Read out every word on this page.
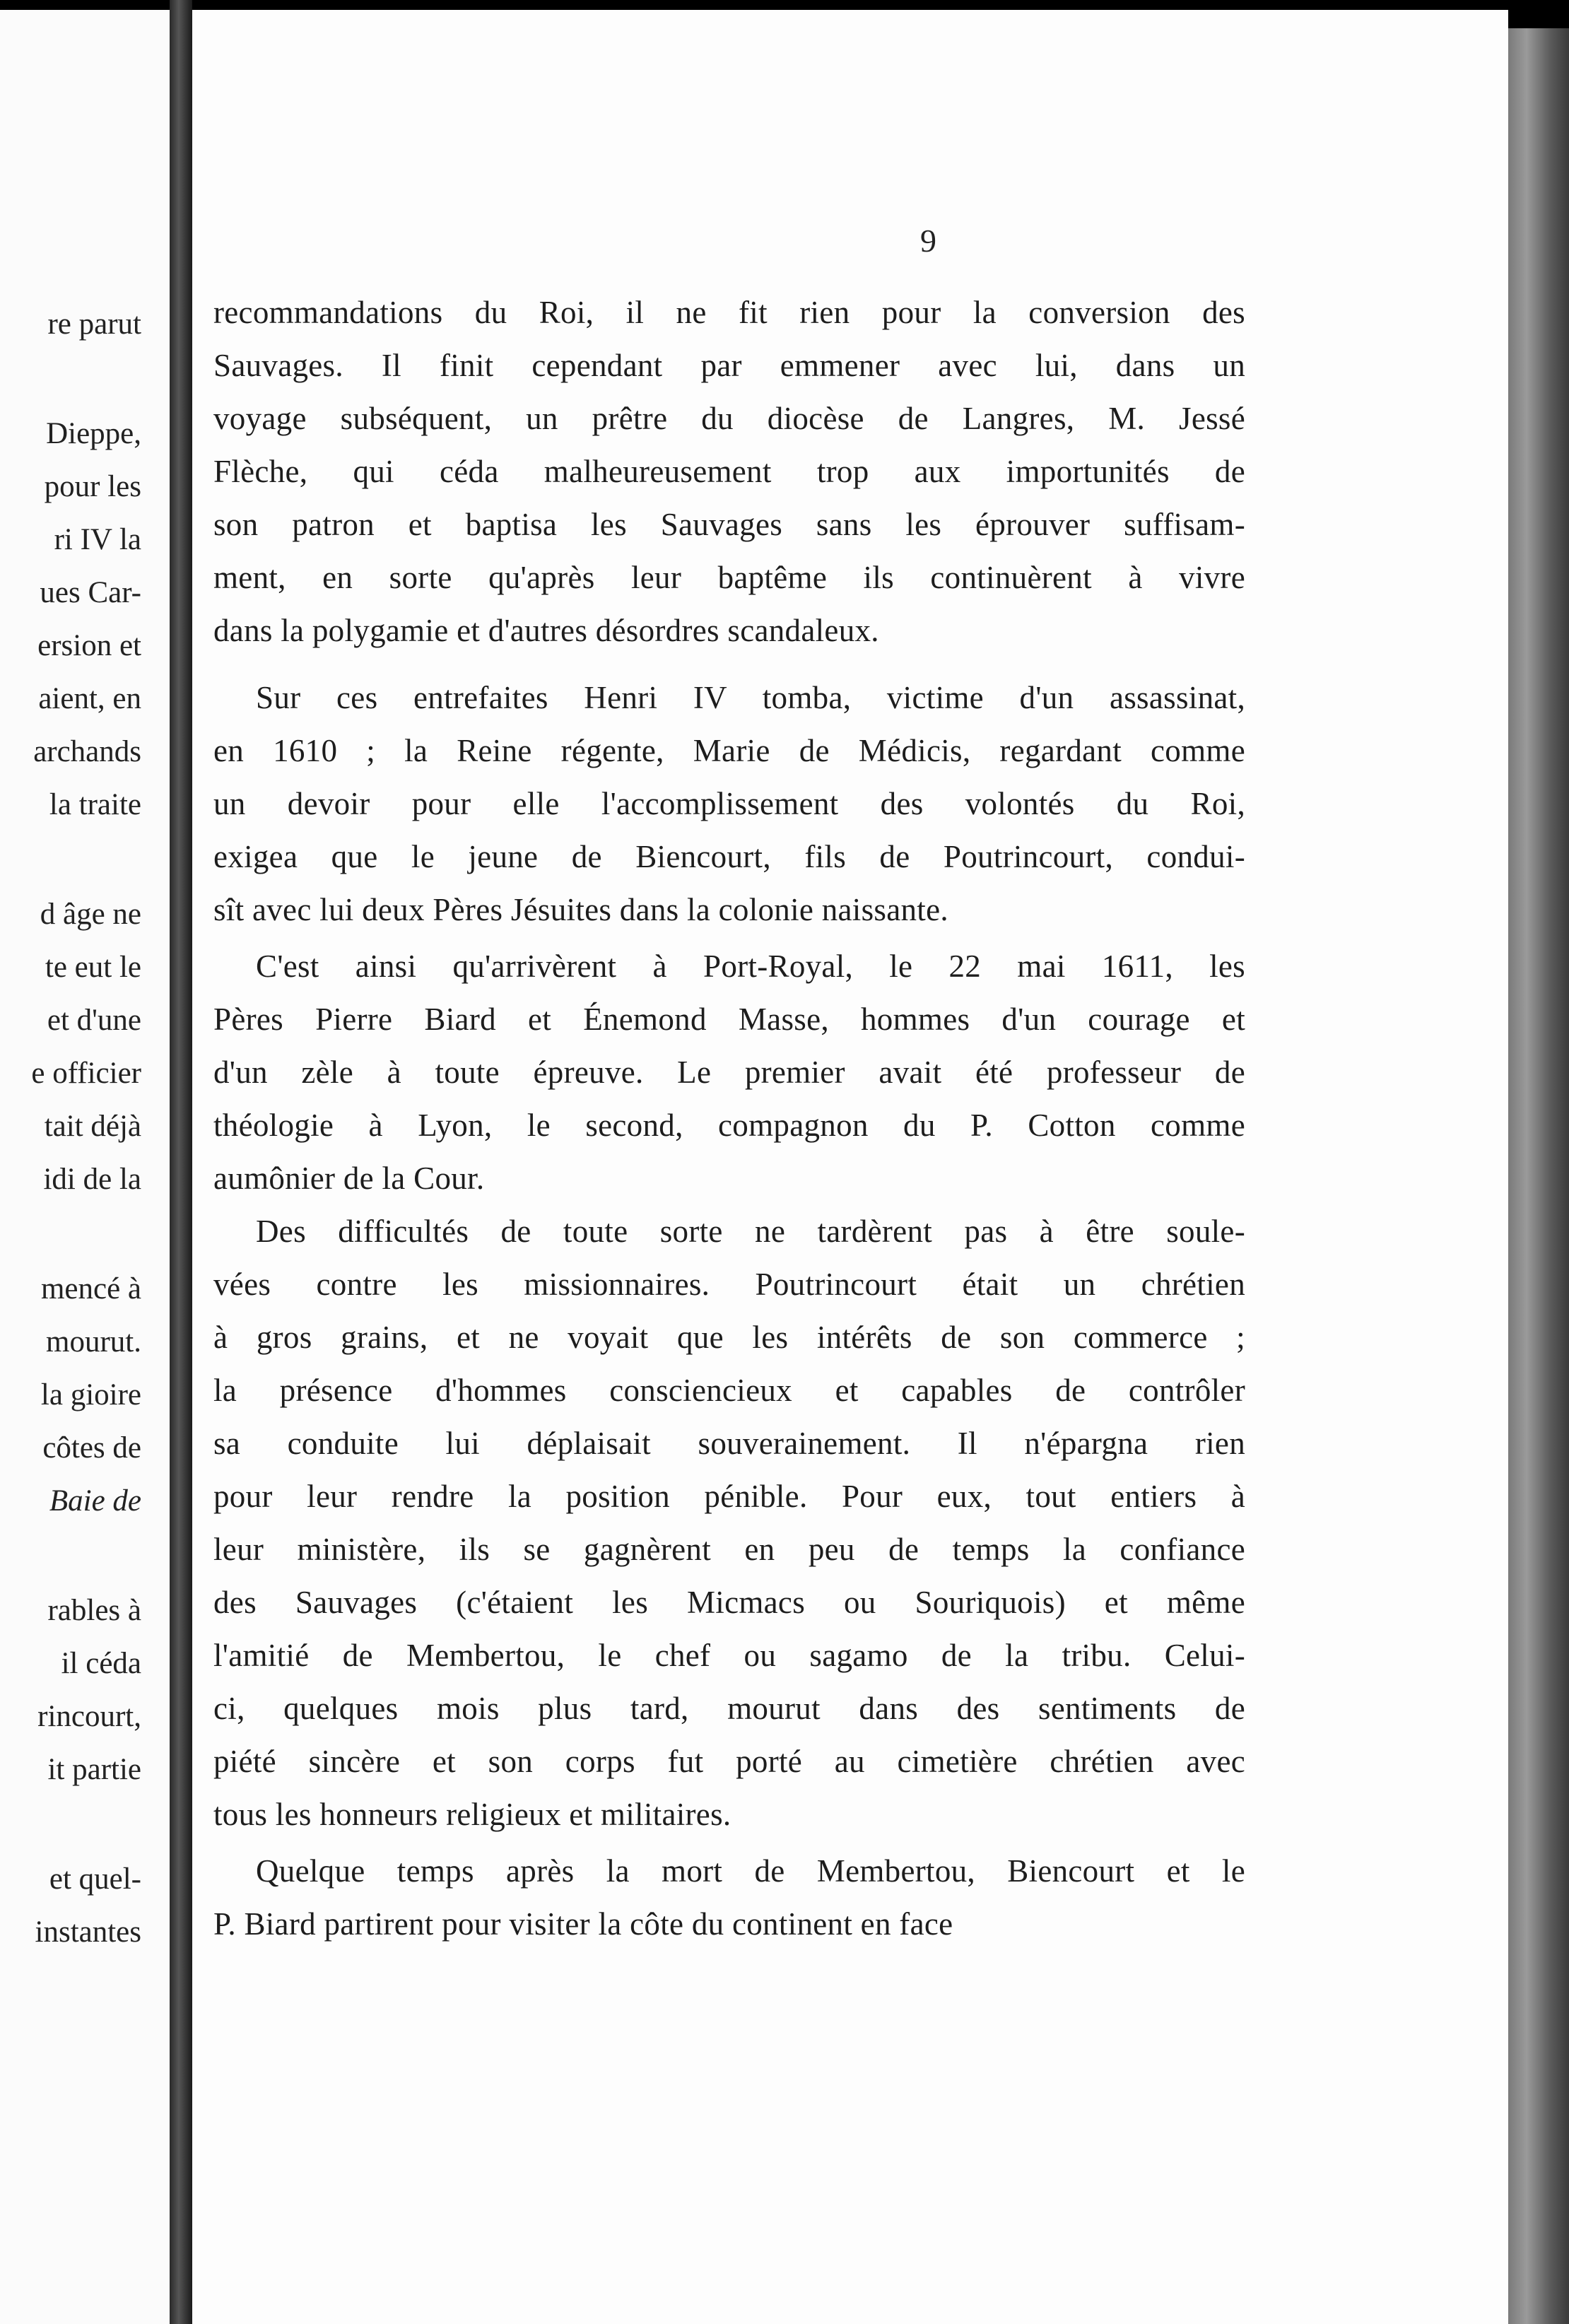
re parut
Dieppe,
pour les
ri IV la
ues Car-
ersion et
aient, en
archands
la traite
d âge ne
te eut le
et d'une
e officier
tait déjà
idi de la
mencé à
mourut.
la gioire
côtes de
Baie de
rables à
il céda
rincourt,
it partie
et quel-
instantes
9
recommandations du Roi, il ne fit rien pour la conversion des
Sauvages. Il finit cependant par emmener avec lui, dans un
voyage subséquent, un prêtre du diocèse de Langres, M. Jessé
Flèche, qui céda malheureusement trop aux importunités de
son patron et baptisa les Sauvages sans les éprouver suffisam-
ment, en sorte qu'après leur baptême ils continuèrent à vivre
dans la polygamie et d'autres désordres scandaleux.
Sur ces entrefaites Henri IV tomba, victime d'un assassinat,
en 1610 ; la Reine régente, Marie de Médicis, regardant comme
un devoir pour elle l'accomplissement des volontés du Roi,
exigea que le jeune de Biencourt, fils de Poutrincourt, condui-
sît avec lui deux Pères Jésuites dans la colonie naissante.
C'est ainsi qu'arrivèrent à Port-Royal, le 22 mai 1611, les
Pères Pierre Biard et Énemond Masse, hommes d'un courage et
d'un zèle à toute épreuve. Le premier avait été professeur de
théologie à Lyon, le second, compagnon du P. Cotton comme
aumônier de la Cour.
Des difficultés de toute sorte ne tardèrent pas à être soule-
vées contre les missionnaires. Poutrincourt était un chrétien
à gros grains, et ne voyait que les intérêts de son commerce ;
la présence d'hommes consciencieux et capables de contrôler
sa conduite lui déplaisait souverainement. Il n'épargna rien
pour leur rendre la position pénible. Pour eux, tout entiers à
leur ministère, ils se gagnèrent en peu de temps la confiance
des Sauvages (c'étaient les Micmacs ou Souriquois) et même
l'amitié de Membertou, le chef ou sagamo de la tribu. Celui-
ci, quelques mois plus tard, mourut dans des sentiments de
piété sincère et son corps fut porté au cimetière chrétien avec
tous les honneurs religieux et militaires.
Quelque temps après la mort de Membertou, Biencourt et le
P. Biard partirent pour visiter la côte du continent en face
